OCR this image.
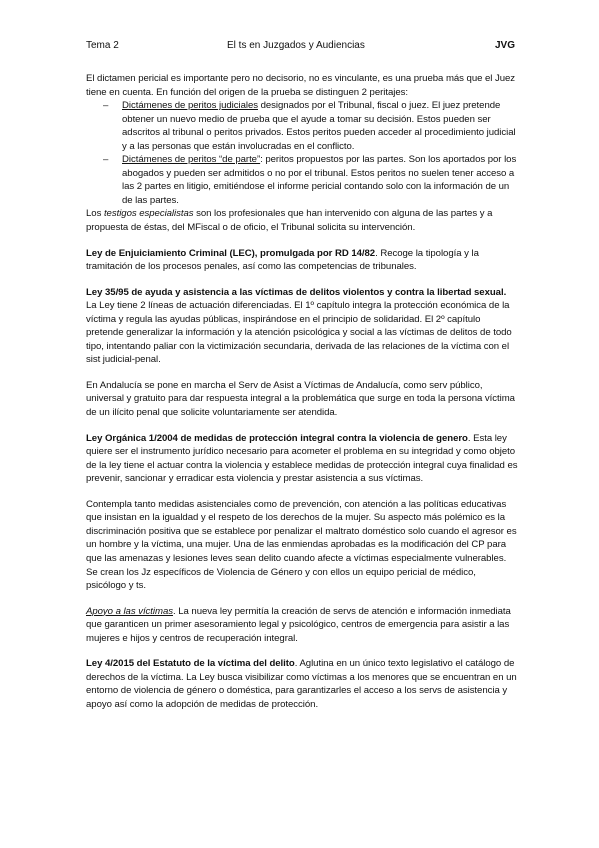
Tema 2	El ts en Juzgados y Audiencias	JVG

El dictamen pericial es importante pero no decisorio, no es vinculante, es una prueba más que el Juez tiene en cuenta. En función del origen de la prueba se distinguen 2 peritajes:

– Dictámenes de peritos judiciales designados por el Tribunal, fiscal o juez. El juez pretende obtener un nuevo medio de prueba que el ayude a tomar su decisión. Estos pueden ser adscritos al tribunal o peritos privados. Estos peritos pueden acceder al procedimiento judicial y a las personas que están involucradas en el conflicto.
– Dictámenes de peritos “de parte”: peritos propuestos por las partes. Son los aportados por los abogados y pueden ser admitidos o no por el tribunal. Estos peritos no suelen tener acceso a las 2 partes en litigio, emitiéndose el informe pericial contando solo con la información de un de las partes.

Los testigos especialistas son los profesionales que han intervenido con alguna de las partes y a propuesta de éstas, del MFiscal o de oficio, el Tribunal solicita su intervención.

Ley de Enjuiciamiento Criminal (LEC), promulgada por RD 14/82. Recoge la tipología y la tramitación de los procesos penales, así como las competencias de tribunales.

Ley 35/95 de ayuda y asistencia a las víctimas de delitos violentos y contra la libertad sexual. La Ley tiene 2 líneas de actuación diferenciadas. El 1º capítulo integra la protección económica de la víctima y regula las ayudas públicas, inspirándose en el principio de solidaridad. El 2º capítulo pretende generalizar la información y la atención psicológica y social a las víctimas de delitos de todo tipo, intentando paliar con la victimización secundaria, derivada de las relaciones de la víctima con el sist judicial-penal.

En Andalucía se pone en marcha el Serv de Asist a Víctimas de Andalucía, como serv público, universal y gratuito para dar respuesta integral a la problemática que surge en toda la persona víctima de un ilícito penal que solicite voluntariamente ser atendida.

Ley Orgánica 1/2004 de medidas de protección integral contra la violencia de genero. Esta ley quiere ser el instrumento jurídico necesario para acometer el problema en su integridad y como objeto de la ley tiene el actuar contra la violencia y establece medidas de protección integral cuya finalidad es prevenir, sancionar y erradicar esta violencia y prestar asistencia a sus víctimas.

Contempla tanto medidas asistenciales como de prevención, con atención a las políticas educativas que insistan en la igualdad y el respeto de los derechos de la mujer. Su aspecto más polémico es la discriminación positiva que se establece por penalizar el maltrato doméstico solo cuando el agresor es un hombre y la víctima, una mujer. Una de las enmiendas aprobadas es la modificación del CP para que las amenazas y lesiones leves sean delito cuando afecte a víctimas especialmente vulnerables. Se crean los Jz específicos de Violencia de Género y con ellos un equipo pericial de médico, psicólogo y ts.

Apoyo a las víctimas. La nueva ley permitía la creación de servs de atención e información inmediata que garanticen un primer asesoramiento legal y psicológico, centros de emergencia para asistir a las mujeres e hijos y centros de recuperación integral.

Ley 4/2015 del Estatuto de la víctima del delito. Aglutina en un único texto legislativo el catálogo de derechos de la víctima. La Ley busca visibilizar como víctimas a los menores que se encuentran en un entorno de violencia de género o doméstica, para garantizarles el acceso a los servs de asistencia y apoyo así como la adopción de medidas de protección.
